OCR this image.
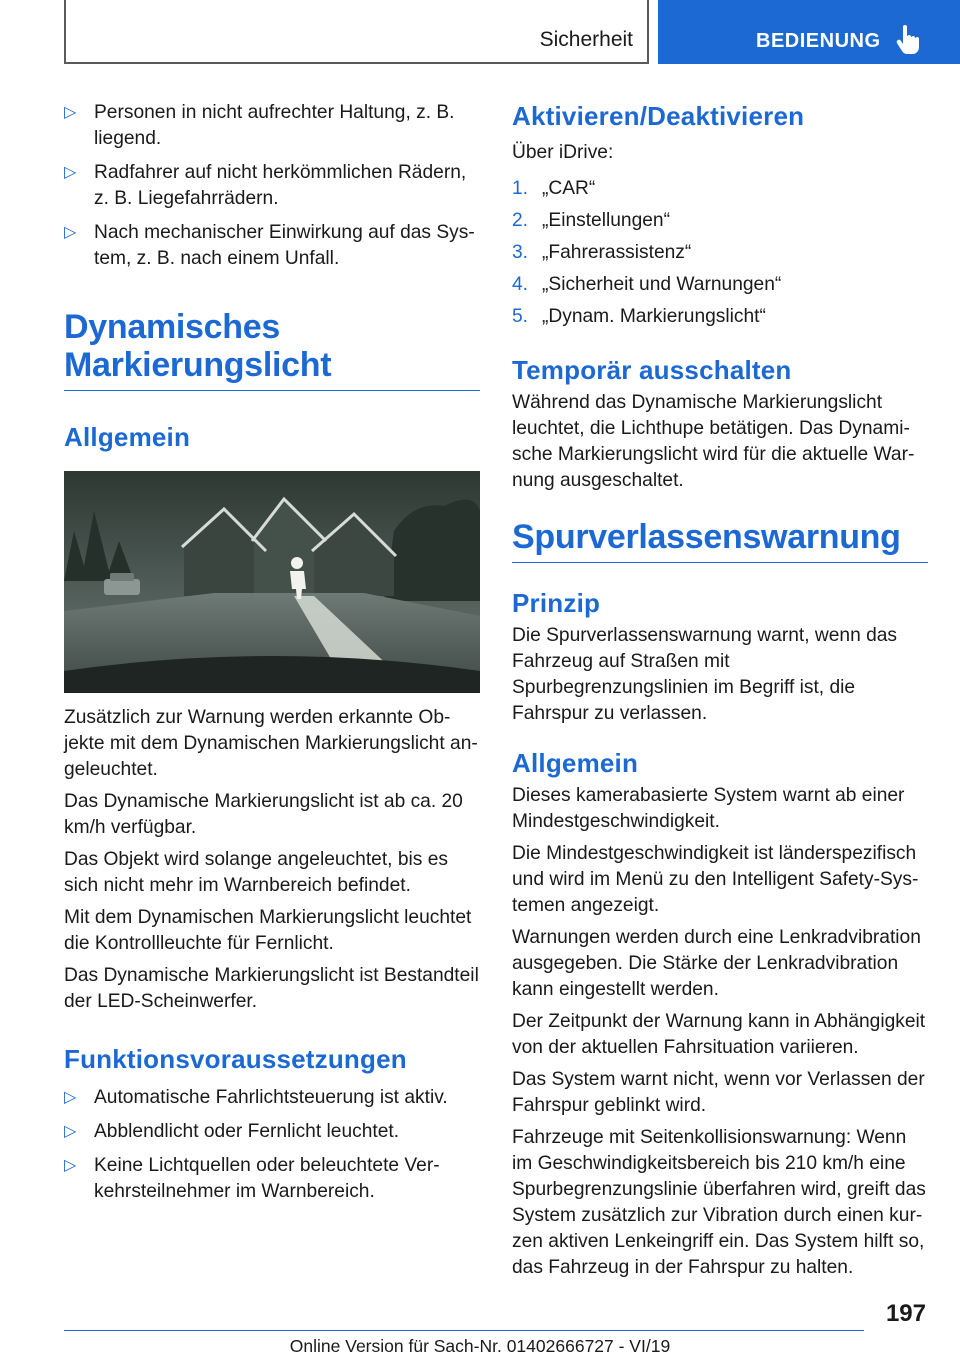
Sicherheit	BEDIENUNG
▷ Personen in nicht aufrechter Haltung, z. B. liegend.
▷ Radfahrer auf nicht herkömmlichen Rädern, z. B. Liegefahrrädern.
▷ Nach mechanischer Einwirkung auf das System, z. B. nach einem Unfall.
Dynamisches Markierungslicht
Allgemein
Zusätzlich zur Warnung werden erkannte Objekte mit dem Dynamischen Markierungslicht angeleuchtet.
Das Dynamische Markierungslicht ist ab ca. 20 km/h verfügbar.
Das Objekt wird solange angeleuchtet, bis es sich nicht mehr im Warnbereich befindet.
Mit dem Dynamischen Markierungslicht leuchtet die Kontrollleuchte für Fernlicht.
Das Dynamische Markierungslicht ist Bestandteil der LED-Scheinwerfer.
Funktionsvoraussetzungen
▷ Automatische Fahrlichtsteuerung ist aktiv.
▷ Abblendlicht oder Fernlicht leuchtet.
▷ Keine Lichtquellen oder beleuchtete Verkehrsteilnehmer im Warnbereich.
Aktivieren/Deaktivieren
Über iDrive:
1. „CAR“
2. „Einstellungen“
3. „Fahrerassistenz“
4. „Sicherheit und Warnungen“
5. „Dynam. Markierungslicht“
Temporär ausschalten
Während das Dynamische Markierungslicht leuchtet, die Lichthupe betätigen. Das Dynamische Markierungslicht wird für die aktuelle Warnung ausgeschaltet.
Spurverlassenswarnung
Prinzip
Die Spurverlassenswarnung warnt, wenn das Fahrzeug auf Straßen mit Spurbegrenzungslinien im Begriff ist, die Fahrspur zu verlassen.
Allgemein
Dieses kamerabasierte System warnt ab einer Mindestgeschwindigkeit.
Die Mindestgeschwindigkeit ist länderspezifisch und wird im Menü zu den Intelligent Safety-Systemen angezeigt.
Warnungen werden durch eine Lenkradvibration ausgegeben. Die Stärke der Lenkradvibration kann eingestellt werden.
Der Zeitpunkt der Warnung kann in Abhängigkeit von der aktuellen Fahrsituation variieren.
Das System warnt nicht, wenn vor Verlassen der Fahrspur geblinkt wird.
Fahrzeuge mit Seitenkollisionswarnung: Wenn im Geschwindigkeitsbereich bis 210 km/h eine Spurbegrenzungslinie überfahren wird, greift das System zusätzlich zur Vibration durch einen kurzen aktiven Lenkeingriff ein. Das System hilft so, das Fahrzeug in der Fahrspur zu halten.
197
Online Version für Sach-Nr. 01402666727 - VI/19
